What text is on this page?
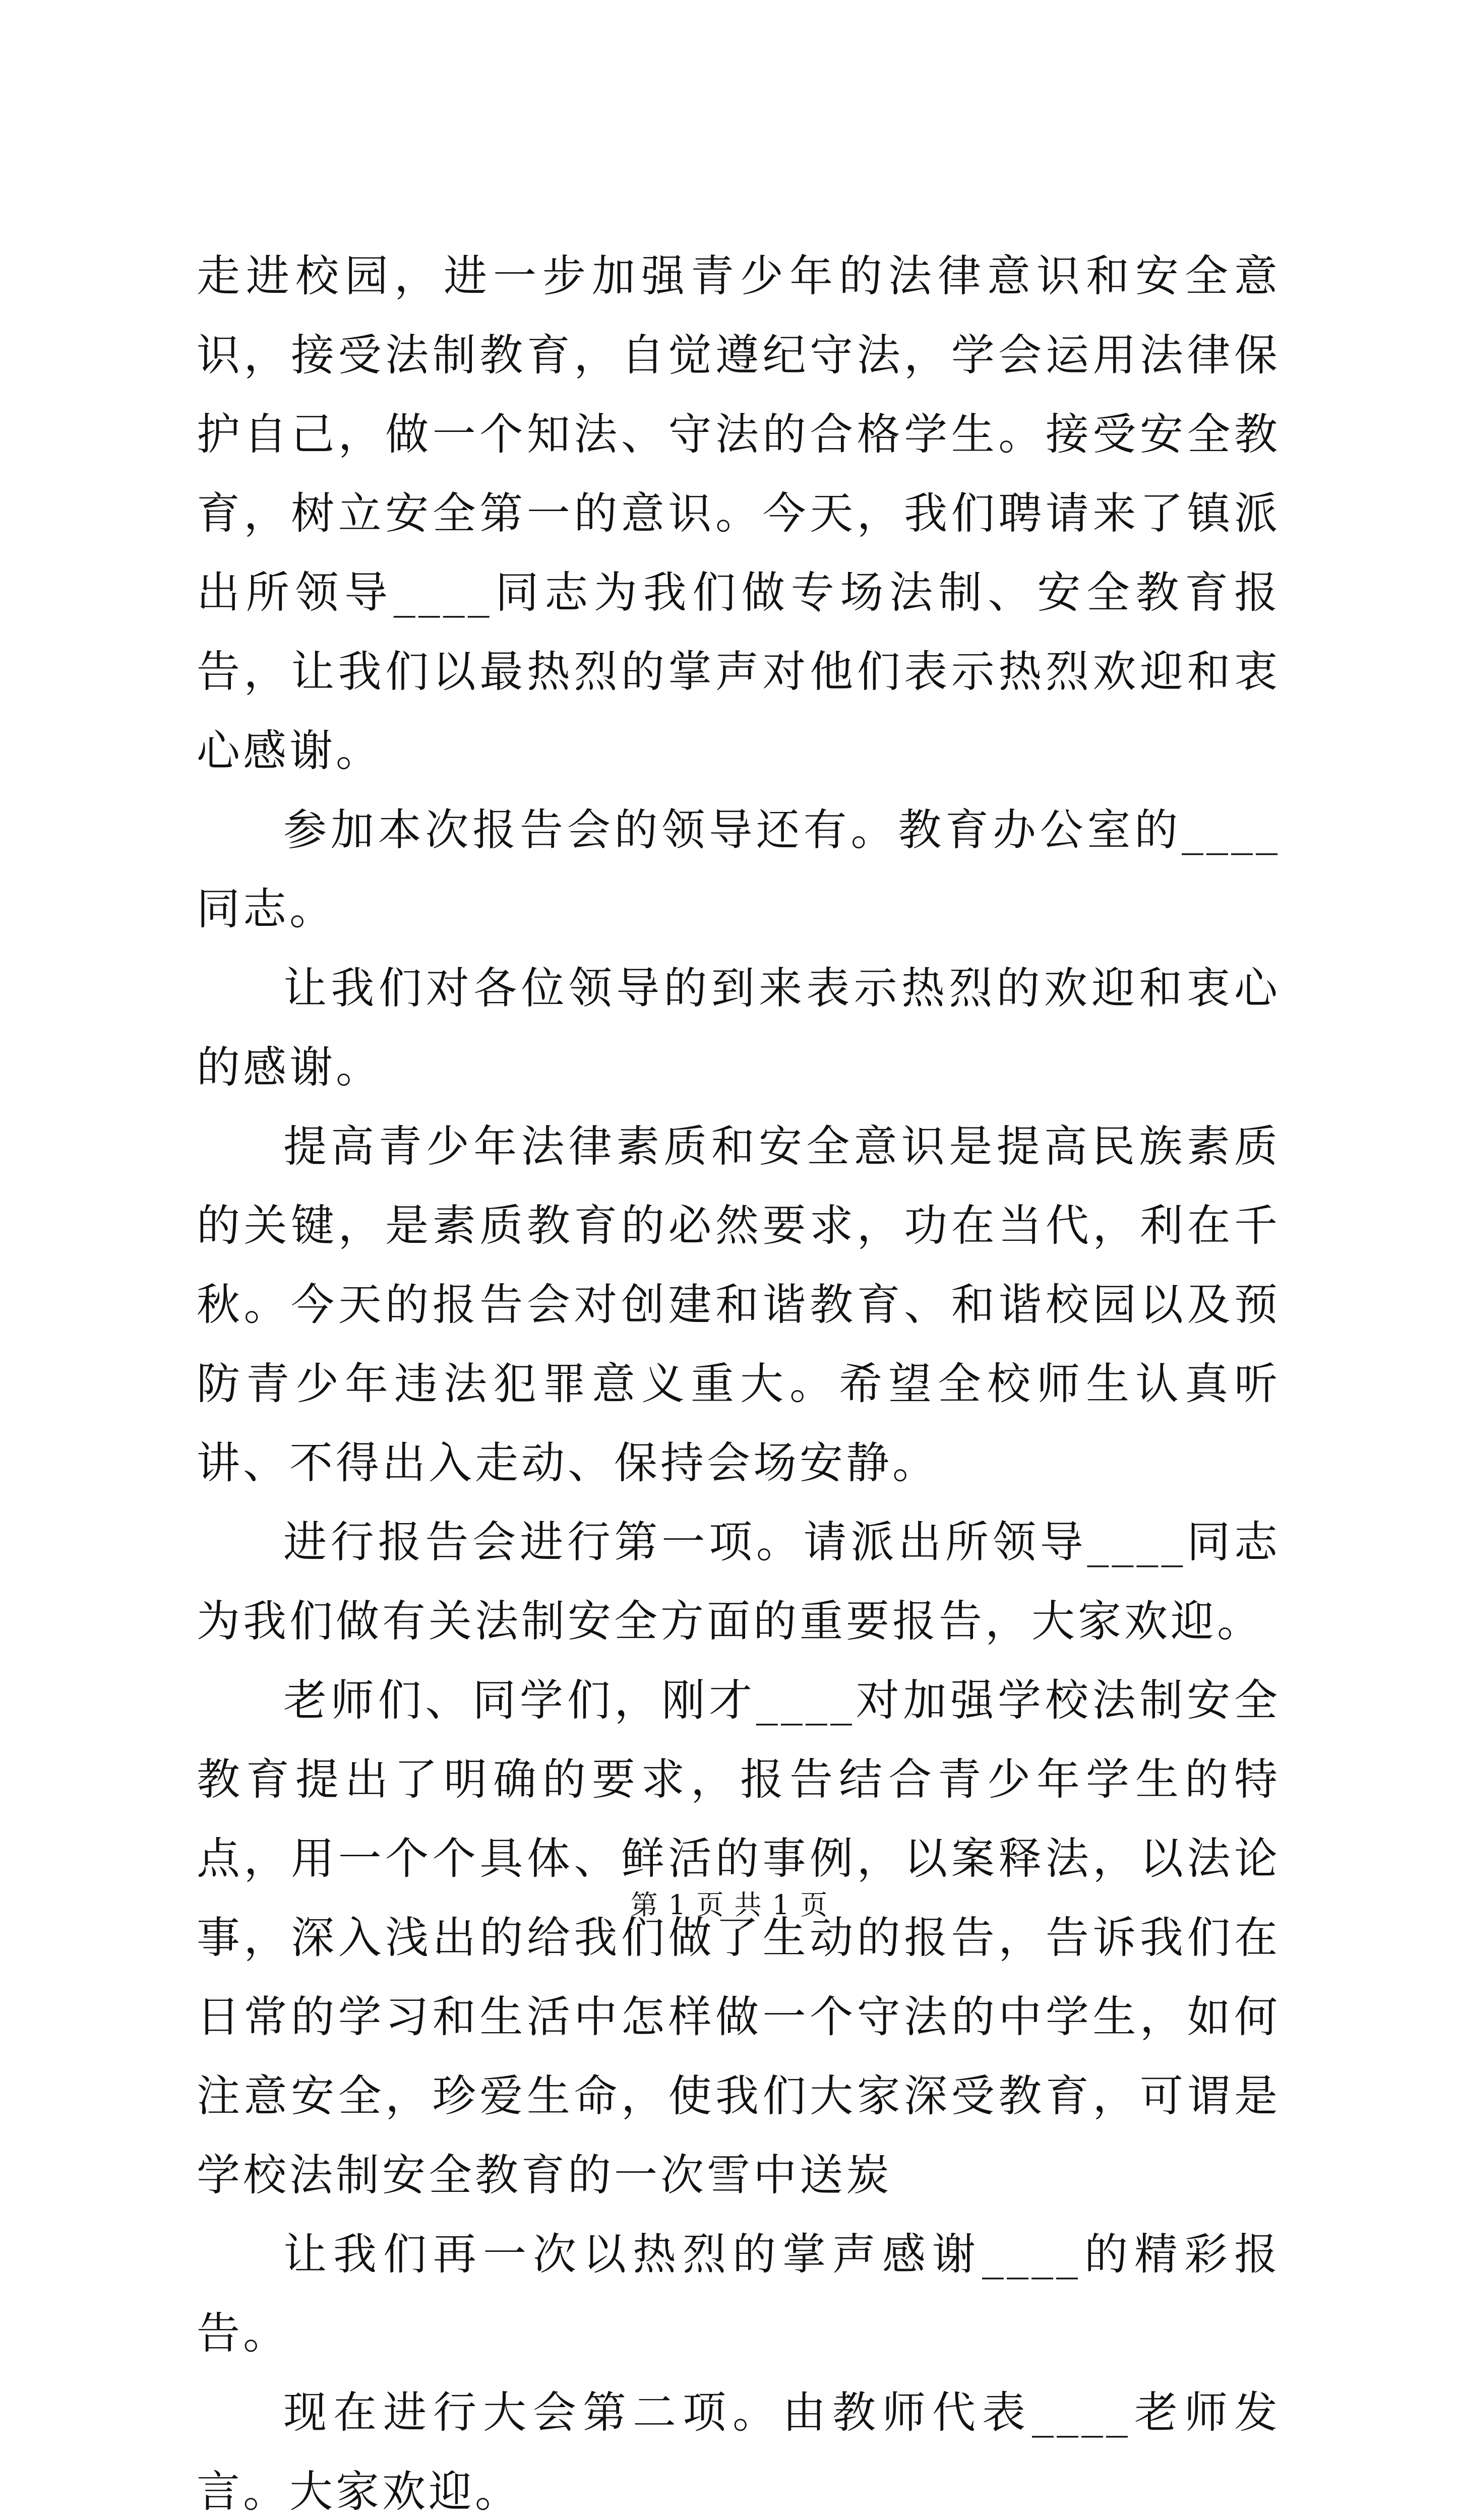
走进校园，进一步加强青少年的法律意识和安全意识，接受法制教育，自觉遵纪守法，学会运用法律保护自己，做一个知法、守法的合格学生。接受安全教育，树立安全第一的意识。今天，我们聘请来了镇派出所领导____同志为我们做专场法制、安全教育报告，让我们以最热烈的掌声对他们表示热烈欢迎和衷心感谢。

参加本次报告会的领导还有。教育办公室的____同志。

让我们对各位领导的到来表示热烈的欢迎和衷心的感谢。

提高青少年法律素质和安全意识是提高民族素质的关键，是素质教育的必然要求，功在当代，利在千秋。今天的报告会对创建和谐教育、和谐校园以及预防青少年违法犯罪意义重大。希望全校师生认真听讲、不得出入走动、保持会场安静。

进行报告会进行第一项。请派出所领导____同志为我们做有关法制安全方面的重要报告，大家欢迎。

老师们、同学们，刚才____对加强学校法制安全教育提出了明确的要求，报告结合青少年学生的特点，用一个个具体、鲜活的事例，以案释法，以法论事，深入浅出的给我们做了生动的报告，告诉我们在日常的学习和生活中怎样做一个守法的中学生，如何注意安全，珍爱生命，使我们大家深受教育，可谓是学校法制安全教育的一次雪中送炭

让我们再一次以热烈的掌声感谢____的精彩报告。

现在进行大会第二项。由教师代表____老师发言。大家欢迎。

第 1 页 共 1 页
